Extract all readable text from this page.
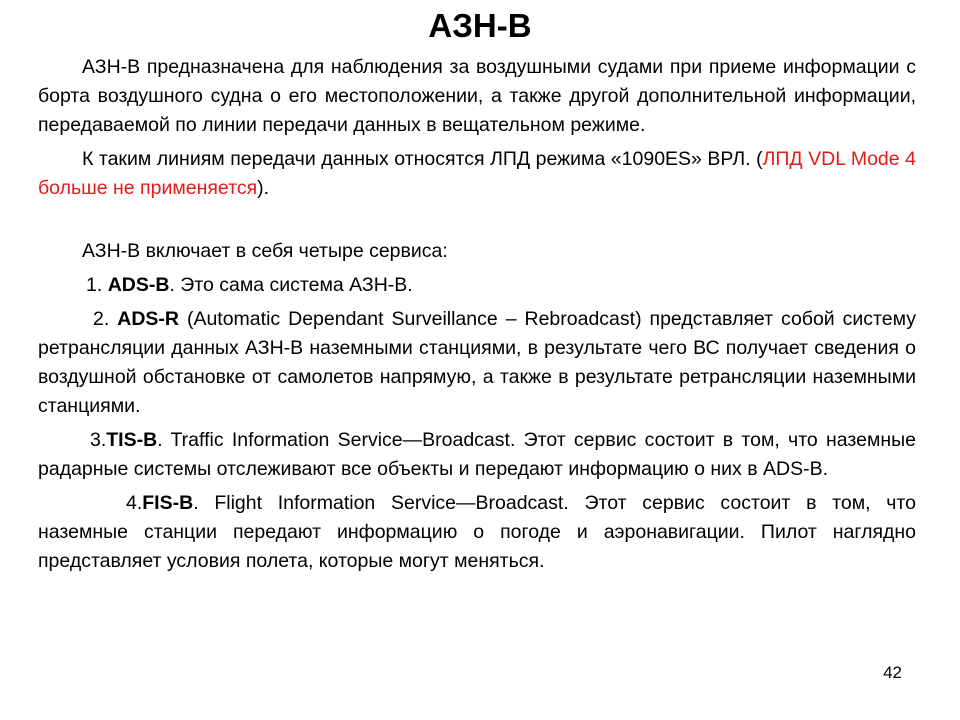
АЗН-В

АЗН-В предназначена для наблюдения за воздушными судами при приеме информации с борта воздушного судна о его местоположении, а также другой дополнительной информации, передаваемой по линии передачи данных в вещательном режиме.

К таким линиям передачи данных относятся ЛПД режима «1090ES» ВРЛ. (ЛПД VDL Mode 4 больше не применяется).

АЗН-В включает в себя четыре сервиса:

1. ADS-B. Это сама система АЗН-В.

2. ADS-R (Automatic Dependant Surveillance – Rebroadcast) представляет собой систему ретрансляции данных АЗН-В наземными станциями, в результате чего ВС получает сведения о воздушной обстановке от самолетов напрямую, а также в результате ретрансляции наземными станциями.

3.TIS-B. Traffic Information Service—Broadcast. Этот сервис состоит в том, что наземные радарные системы отслеживают все объекты и передают информацию о них в ADS-B.

4.FIS-B. Flight Information Service—Broadcast. Этот сервис состоит в том, что наземные станции передают информацию о погоде и аэронавигации. Пилот наглядно представляет условия полета, которые могут меняться.

42
